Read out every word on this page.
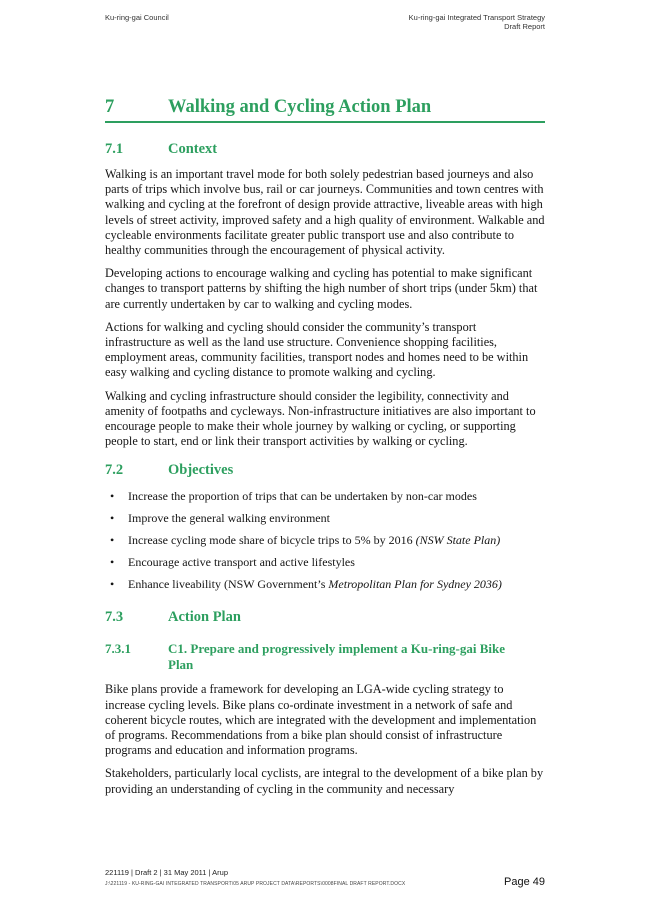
Ku-ring-gai Council	Ku-ring-gai Integrated Transport Strategy
Draft Report
7	Walking and Cycling Action Plan
7.1	Context

Walking is an important travel mode for both solely pedestrian based journeys and also parts of trips which involve bus, rail or car journeys. Communities and town centres with walking and cycling at the forefront of design provide attractive, liveable areas with high levels of street activity, improved safety and a high quality of environment. Walkable and cycleable environments facilitate greater public transport use and also contribute to healthy communities through the encouragement of physical activity.

Developing actions to encourage walking and cycling has potential to make significant changes to transport patterns by shifting the high number of short trips (under 5km) that are currently undertaken by car to walking and cycling modes.

Actions for walking and cycling should consider the community’s transport infrastructure as well as the land use structure. Convenience shopping facilities, employment areas, community facilities, transport nodes and homes need to be within easy walking and cycling distance to promote walking and cycling.

Walking and cycling infrastructure should consider the legibility, connectivity and amenity of footpaths and cycleways. Non-infrastructure initiatives are also important to encourage people to make their whole journey by walking or cycling, or supporting people to start, end or link their transport activities by walking or cycling.

7.2	Objectives
• Increase the proportion of trips that can be undertaken by non-car modes
• Improve the general walking environment
• Increase cycling mode share of bicycle trips to 5% by 2016 (NSW State Plan)
• Encourage active transport and active lifestyles
• Enhance liveability (NSW Government’s Metropolitan Plan for Sydney 2036)
7.3	Action Plan
7.3.1	C1. Prepare and progressively implement a Ku-ring-gai Bike Plan

Bike plans provide a framework for developing an LGA-wide cycling strategy to increase cycling levels. Bike plans co-ordinate investment in a network of safe and coherent bicycle routes, which are integrated with the development and implementation of programs. Recommendations from a bike plan should consist of infrastructure programs and education and information programs.

Stakeholders, particularly local cyclists, are integral to the development of a bike plan by providing an understanding of cycling in the community and necessary

221119 | Draft 2 | 31 May 2011 | Arup
J:\221119 - KU-RING-GAI INTEGRATED TRANSPORT\05 ARUP PROJECT DATA\REPORTS\0008FINAL DRAFT REPORT.DOCX	Page 49
